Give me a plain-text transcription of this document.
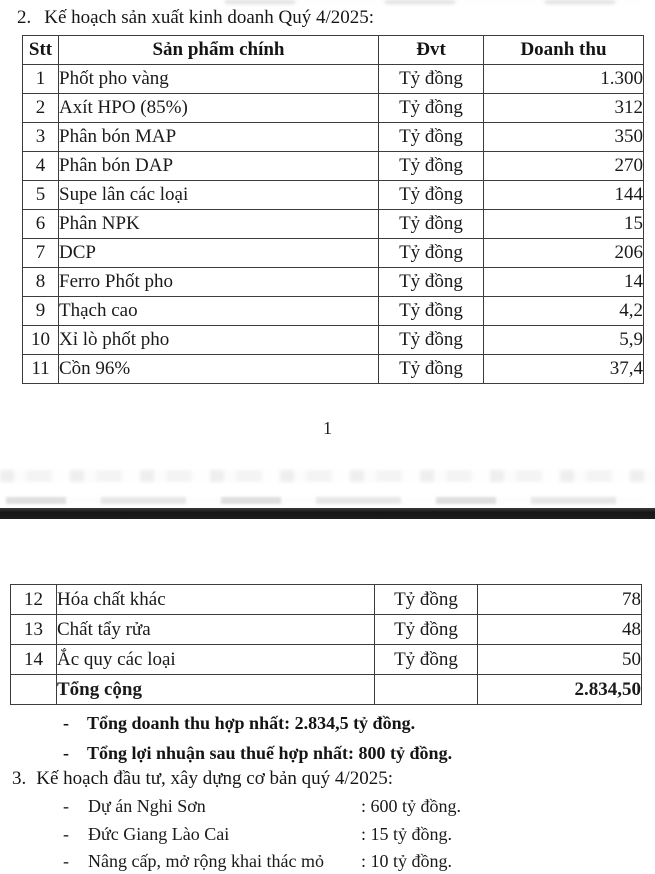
2. Kế hoạch sản xuất kinh doanh Quý 4/2025:
Stt	Sản phẩm chính	Đvt	Doanh thu
1	Phốt pho vàng	Tỷ đồng	1.300
2	Axít HPO (85%)	Tỷ đồng	312
3	Phân bón MAP	Tỷ đồng	350
4	Phân bón DAP	Tỷ đồng	270
5	Supe lân các loại	Tỷ đồng	144
6	Phân NPK	Tỷ đồng	15
7	DCP	Tỷ đồng	206
8	Ferro Phốt pho	Tỷ đồng	14
9	Thạch cao	Tỷ đồng	4,2
10	Xỉ lò phốt pho	Tỷ đồng	5,9
11	Cồn 96%	Tỷ đồng	37,4
1
12	Hóa chất khác	Tỷ đồng	78
13	Chất tẩy rửa	Tỷ đồng	48
14	Ắc quy các loại	Tỷ đồng	50
	Tổng cộng		2.834,50
- Tổng doanh thu hợp nhất: 2.834,5 tỷ đồng.
- Tổng lợi nhuận sau thuế hợp nhất: 800 tỷ đồng.
3. Kế hoạch đầu tư, xây dựng cơ bản quý 4/2025:
- Dự án Nghi Sơn	: 600 tỷ đồng.
- Đức Giang Lào Cai	: 15 tỷ đồng.
- Nâng cấp, mở rộng khai thác mỏ : 10 tỷ đồng.
